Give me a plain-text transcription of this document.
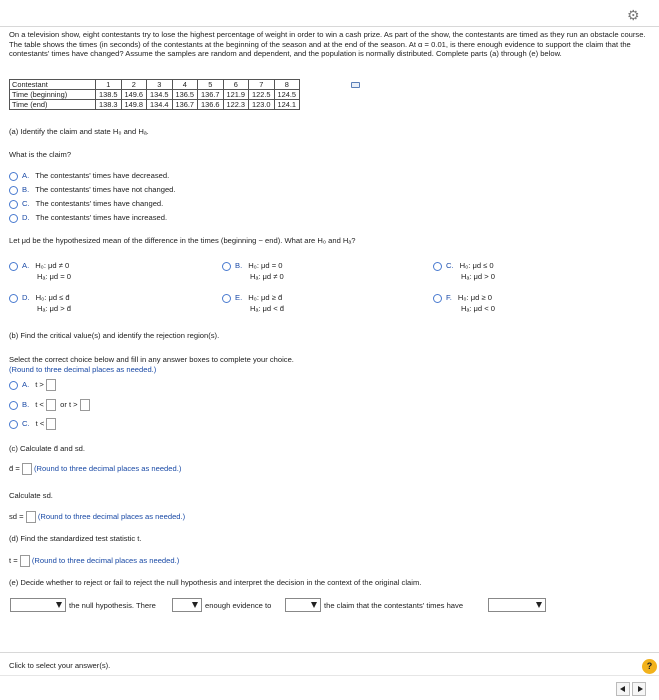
⚙
On a television show, eight contestants try to lose the highest percentage of weight in order to win a cash prize. As part of the show, the contestants are timed as they run an obstacle course. The table shows the times (in seconds) of the contestants at the beginning of the season and at the end of the season. At α = 0.01, is there enough evidence to support the claim that the contestants' times have changed? Assume the samples are random and dependent, and the population is normally distributed. Complete parts (a) through (e) below.
Contestant	1	2	3	4	5	6	7	8
Time (beginning)	138.5	149.6	134.5	136.5	136.7	121.9	122.5	124.5
Time (end)	138.3	149.8	134.4	136.7	136.6	122.3	123.0	124.1
(a) Identify the claim and state H₀ and Hₐ.
What is the claim?
A. The contestants' times have decreased.
B. The contestants' times have not changed.
C. The contestants' times have changed.
D. The contestants' times have increased.
Let μd be the hypothesized mean of the difference in the times (beginning − end). What are H₀ and Hₐ?
A. H₀: μd ≠ 0
Hₐ: μd = 0
B. H₀: μd = 0
Hₐ: μd ≠ 0
C. H₀: μd ≤ 0
Hₐ: μd > 0
D. H₀: μd ≤ d̄
Hₐ: μd > d̄
E. H₀: μd ≥ d̄
Hₐ: μd < d̄
F. H₀: μd ≥ 0
Hₐ: μd < 0
(b) Find the critical value(s) and identify the rejection region(s).
Select the correct choice below and fill in any answer boxes to complete your choice.
(Round to three decimal places as needed.)
A. t >
B. t < or t >
C. t <
(c) Calculate d̄ and sd.
d̄ = (Round to three decimal places as needed.)
Calculate sd.
sd = (Round to three decimal places as needed.)
(d) Find the standardized test statistic t.
t = (Round to three decimal places as needed.)
(e) Decide whether to reject or fail to reject the null hypothesis and interpret the decision in the context of the original claim.
the null hypothesis. There	enough evidence to	the claim that the contestants' times have
Click to select your answer(s).	?
